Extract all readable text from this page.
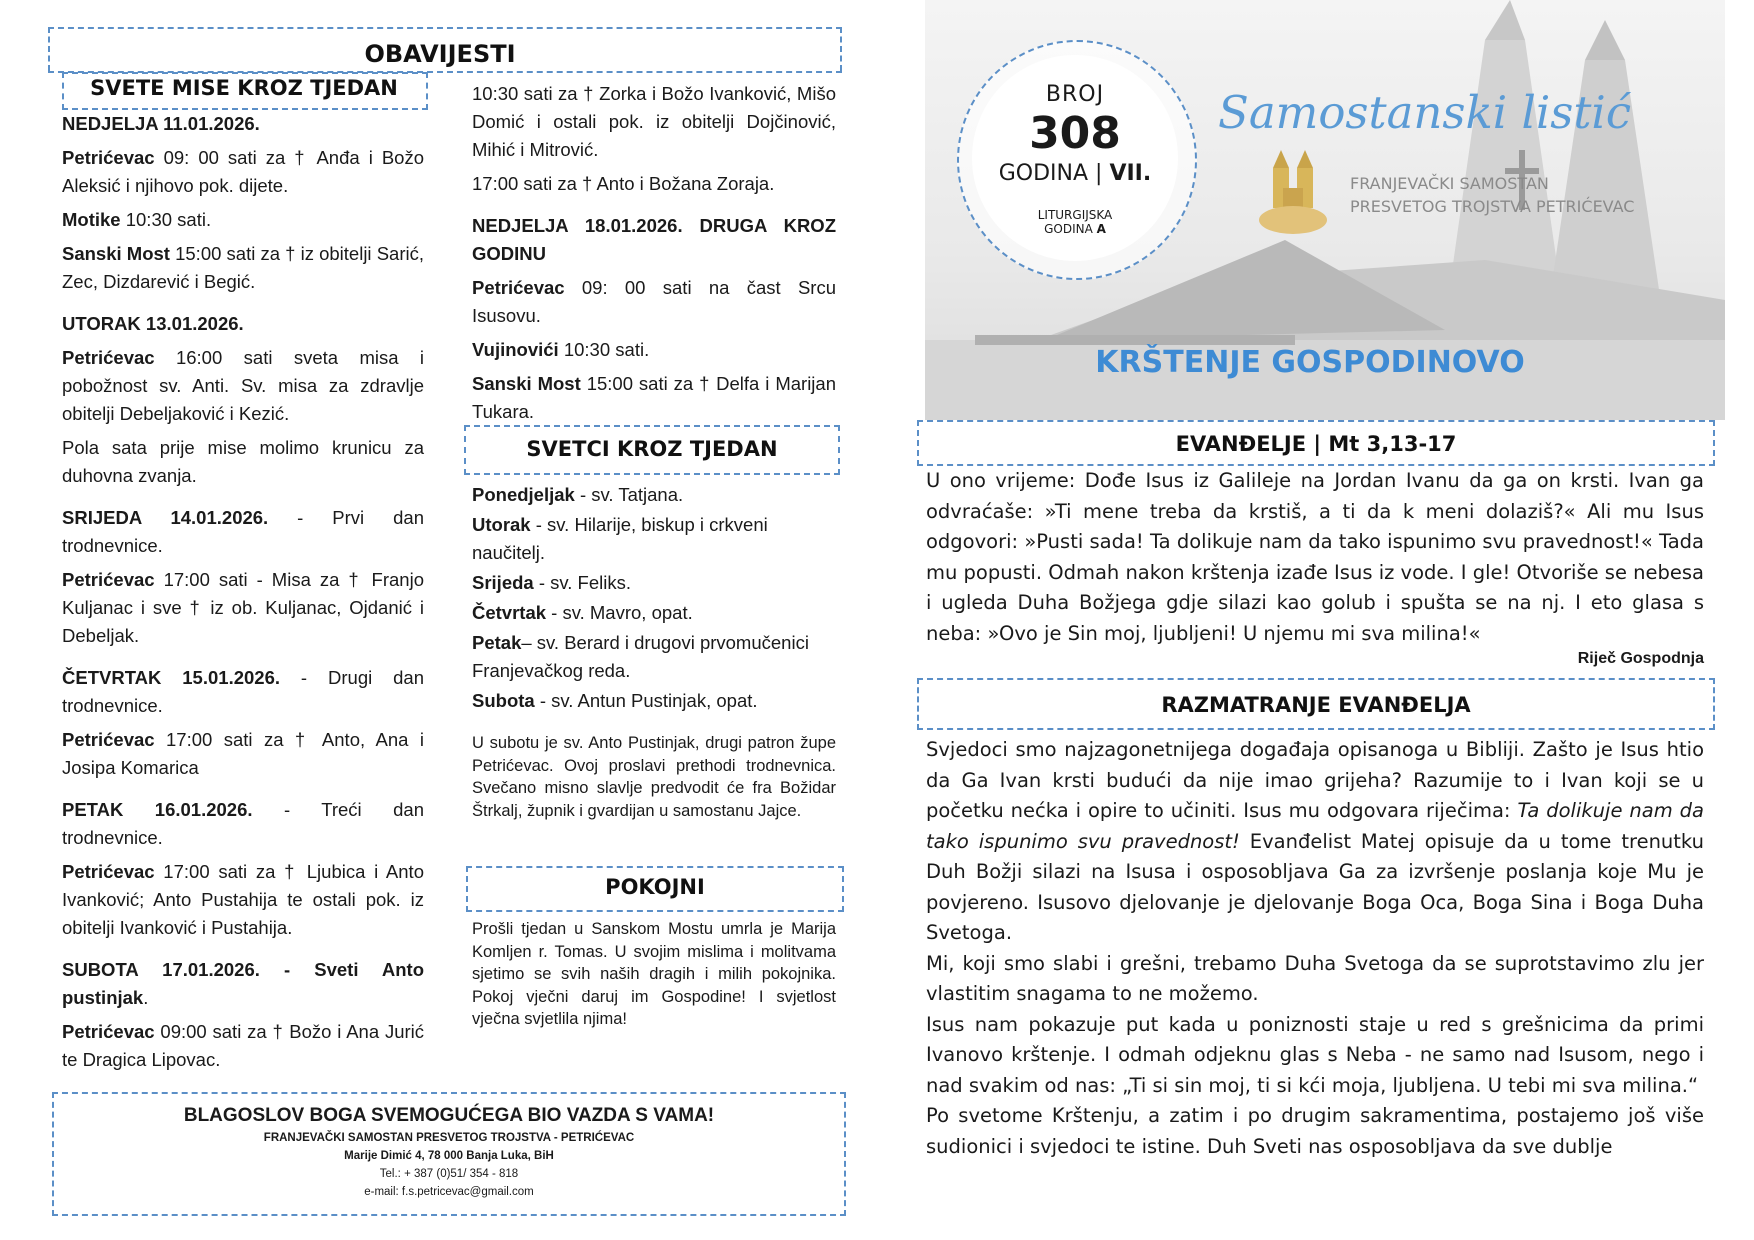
OBAVIJESTI
SVETE MISE KROZ TJEDAN

NEDJELJA 11.01.2026.

Petrićevac 09: 00 sati za † Anđa i Božo Aleksić i njihovo pok. dijete.

Motike 10:30 sati.

Sanski Most 15:00 sati za † iz obitelji Sarić, Zec, Dizdarević i Begić.

UTORAK 13.01.2026.

Petrićevac 16:00 sati sveta misa i pobožnost sv. Anti. Sv. misa za zdravlje obitelji Debeljaković i Kezić.

Pola sata prije mise molimo krunicu za duhovna zvanja.

SRIJEDA 14.01.2026. - Prvi dan trodnevnice.

Petrićevac 17:00 sati - Misa za † Franjo Kuljanac i sve † iz ob. Kuljanac, Ojdanić i Debeljak.

ČETVRTAK 15.01.2026. - Drugi dan trodnevnice.

Petrićevac 17:00 sati za † Anto, Ana i Josipa Komarica

PETAK 16.01.2026. - Treći dan trodnevnice.

Petrićevac 17:00 sati za † Ljubica i Anto Ivanković; Anto Pustahija te ostali pok. iz obitelji Ivanković i Pustahija.

SUBOTA 17.01.2026. - Sveti Anto pustinjak.

Petrićevac 09:00 sati za † Božo i Ana Jurić te Dragica Lipovac.

10:30 sati za † Zorka i Božo Ivanković, Mišo Domić i ostali pok. iz obitelji Dojčinović, Mihić i Mitrović.

17:00 sati za † Anto i Božana Zoraja.

NEDJELJA 18.01.2026. DRUGA KROZ GODINU

Petrićevac 09: 00 sati na čast Srcu Isusovu.

Vujinovići 10:30 sati.

Sanski Most 15:00 sati za † Delfa i Marijan Tukara.

SVETCI KROZ TJEDAN

Ponedjeljak - sv. Tatjana.

Utorak - sv. Hilarije, biskup i crkveni naučitelj.

Srijeda - sv. Feliks.

Četvrtak - sv. Mavro, opat.

Petak– sv. Berard i drugovi prvomučenici Franjevačkog reda.

Subota - sv. Antun Pustinjak, opat.

U subotu je sv. Anto Pustinjak, drugi patron župe Petrićevac. Ovoj proslavi prethodi trodnevnica. Svečano misno slavlje predvodit će fra Božidar Štrkalj, župnik i gvardijan u samostanu Jajce.
POKOJNI
Prošli tjedan u Sanskom Mostu umrla je Marija Komljen r. Tomas. U svojim mislima i molitvama sjetimo se svih naših dragih i milih pokojnika. Pokoj vječni daruj im Gospodine! I svjetlost vječna svjetlila njima!
BLAGOSLOV BOGA SVEMOGUĆEGA BIO VAZDA S VAMA!
FRANJEVAČKI SAMOSTAN PRESVETOG TROJSTVA - PETRIĆEVAC
Marije Dimić 4, 78 000 Banja Luka, BiH
Tel.: + 387 (0)51/ 354 - 818
e-mail: f.s.petricevac@gmail.com
BROJ
308
GODINA | VII.
LITURGIJSKA
GODINA A
Samostanski listić
FRANJEVAČKI SAMOSTAN
PRESVETOG TROJSTVA PETRIĆEVAC
KRŠTENJE GOSPODINOVO
EVANĐELJE | Mt 3,13-17
U ono vrijeme: Dođe Isus iz Galileje na Jordan Ivanu da ga on krsti. Ivan ga odvraćaše: »Ti mene treba da krstiš, a ti da k meni dolaziš?« Ali mu Isus odgovori: »Pusti sada! Ta dolikuje nam da tako ispunimo svu pravednost!« Tada mu popusti. Odmah nakon krštenja izađe Isus iz vode. I gle! Otvoriše se nebesa i ugleda Duha Božjega gdje silazi kao golub i spušta se na nj. I eto glasa s neba: »Ovo je Sin moj, ljubljeni! U njemu mi sva milina!«
Riječ Gospodnja
RAZMATRANJE EVANĐELJA

Svjedoci smo najzagonetnijega događaja opisanoga u Bibliji. Zašto je Isus htio da Ga Ivan krsti budući da nije imao grijeha? Razumije to i Ivan koji se u početku nećka i opire to učiniti. Isus mu odgovara riječima: Ta dolikuje nam da tako ispunimo svu pravednost! Evanđelist Matej opisuje da u tome trenutku Duh Božji silazi na Isusa i osposobljava Ga za izvršenje poslanja koje Mu je povjereno. Isusovo djelovanje je djelovanje Boga Oca, Boga Sina i Boga Duha Svetoga.

Mi, koji smo slabi i grešni, trebamo Duha Svetoga da se suprotstavimo zlu jer vlastitim snagama to ne možemo.

Isus nam pokazuje put kada u poniznosti staje u red s grešnicima da primi Ivanovo krštenje. I odmah odjeknu glas s Neba - ne samo nad Isusom, nego i nad svakim od nas: „Ti si sin moj, ti si kći moja, ljubljena. U tebi mi sva milina.“

Po svetome Krštenju, a zatim i po drugim sakramentima, postajemo još više sudionici i svjedoci te istine. Duh Sveti nas osposobljava da sve dublje
